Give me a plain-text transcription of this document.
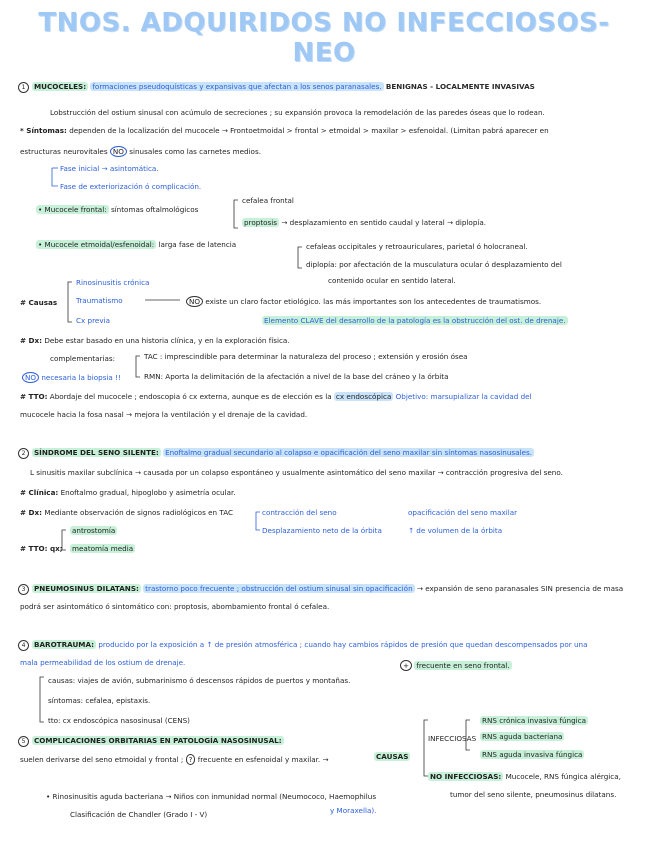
TNOS. ADQUIRIDOS NO INFECCIOSOS- NEO
1 MUCOCELES: formaciones pseudoquísticas y expansivas que afectan a los senos paranasales. BENIGNAS - LOCALMENTE INVASIVAS
Lobstrucción del ostium sinusal con acúmulo de secreciones ; su expansión provoca la remodelación de las paredes óseas que lo rodean.
* Síntomas: dependen de la localización del mucocele → Frontoetmoidal > frontal > etmoidal > maxilar > esfenoidal. (Limitan pabrá aparecer en
estructuras neurovitales NO sinusales como las carnetes medios.
Fase inicial → asintomática.
Fase de exteriorización ó complicación.
• Mucocele frontal: síntomas oftalmológicos
cefalea frontal
proptosis → desplazamiento en sentido caudal y lateral → diplopía.
• Mucocele etmoidal/esfenoidal: larga fase de latencia	cefaleas occipitales y retroauriculares, parietal ó holocraneal.
diplopía: por afectación de la musculatura ocular ó desplazamiento del
contenido ocular en sentido lateral.
# Causas
Rinosinusitis crónica
Traumatismo
Cx previa
NO existe un claro factor etiológico. las más importantes son los antecedentes de traumatismos.
Elemento CLAVE del desarrollo de la patología es la obstrucción del ost. de drenaje.
# Dx: Debe estar basado en una historia clínica, y en la exploración física.
complementarias:	TAC : imprescindible para determinar la naturaleza del proceso ; extensión y erosión ósea
RMN: Aporta la delimitación de la afectación a nivel de la base del cráneo y la órbita
NO necesaria la biopsia !!
# TTO: Abordaje del mucocele ; endoscopia ó cx externa, aunque es de elección es la cx endoscópica Objetivo: marsupializar la cavidad del
mucocele hacia la fosa nasal → mejora la ventilación y el drenaje de la cavidad.
2 SÍNDROME DEL SENO SILENTE: Enoftalmo gradual secundario al colapso e opacificación del seno maxilar sin síntomas nasosinusales.
L sinusitis maxilar subclínica → causada por un colapso espontáneo y usualmente asintomático del seno maxilar → contracción progresiva del seno.
# Clínica: Enoftalmo gradual, hipoglobo y asimetría ocular.
# Dx: Mediante observación de signos radiológicos en TAC	contracción del seno
Desplazamiento neto de la órbita
opacificación del seno maxilar
↑ de volumen de la órbita
# TTO: qx;
antrostomía
meatomía media
3 PNEUMOSINUS DILATANS: trastorno poco frecuente ; obstrucción del ostium sinusal sin opacificación → expansión de seno paranasales SIN presencia de masa
podrá ser asintomático ó sintomático con: proptosis, abombamiento frontal ó cefalea.
4 BAROTRAUMA: producido por la exposición a ↑ de presión atmosférica ; cuando hay cambios rápidos de presión que quedan descompensados por una
mala permeabilidad de los ostium de drenaje.	+ frecuente en seno frontal.
causas: viajes de avión, submarinismo ó descensos rápidos de puertos y montañas.
síntomas: cefalea, epistaxis.
tto: cx endoscópica nasosinusal (CENS)
5 COMPLICACIONES ORBITARIAS EN PATOLOGÍA NASOSINUSAL:
suelen derivarse del seno etmoidal y frontal ; ? frecuente en esfenoidal y maxilar. →	CAUSAS
INFECCIOSAS
RNS crónica invasiva fúngica
RNS aguda bacteriana
RNS aguda invasiva fúngica
NO INFECCIOSAS: Mucocele, RNS fúngica alérgica,
tumor del seno silente, pneumosinus dilatans.
• Rinosinusitis aguda bacteriana → Niños con inmunidad normal (Neumococo, Haemophilus
y Moraxella).
Clasificación de Chandler (Grado I - V)
